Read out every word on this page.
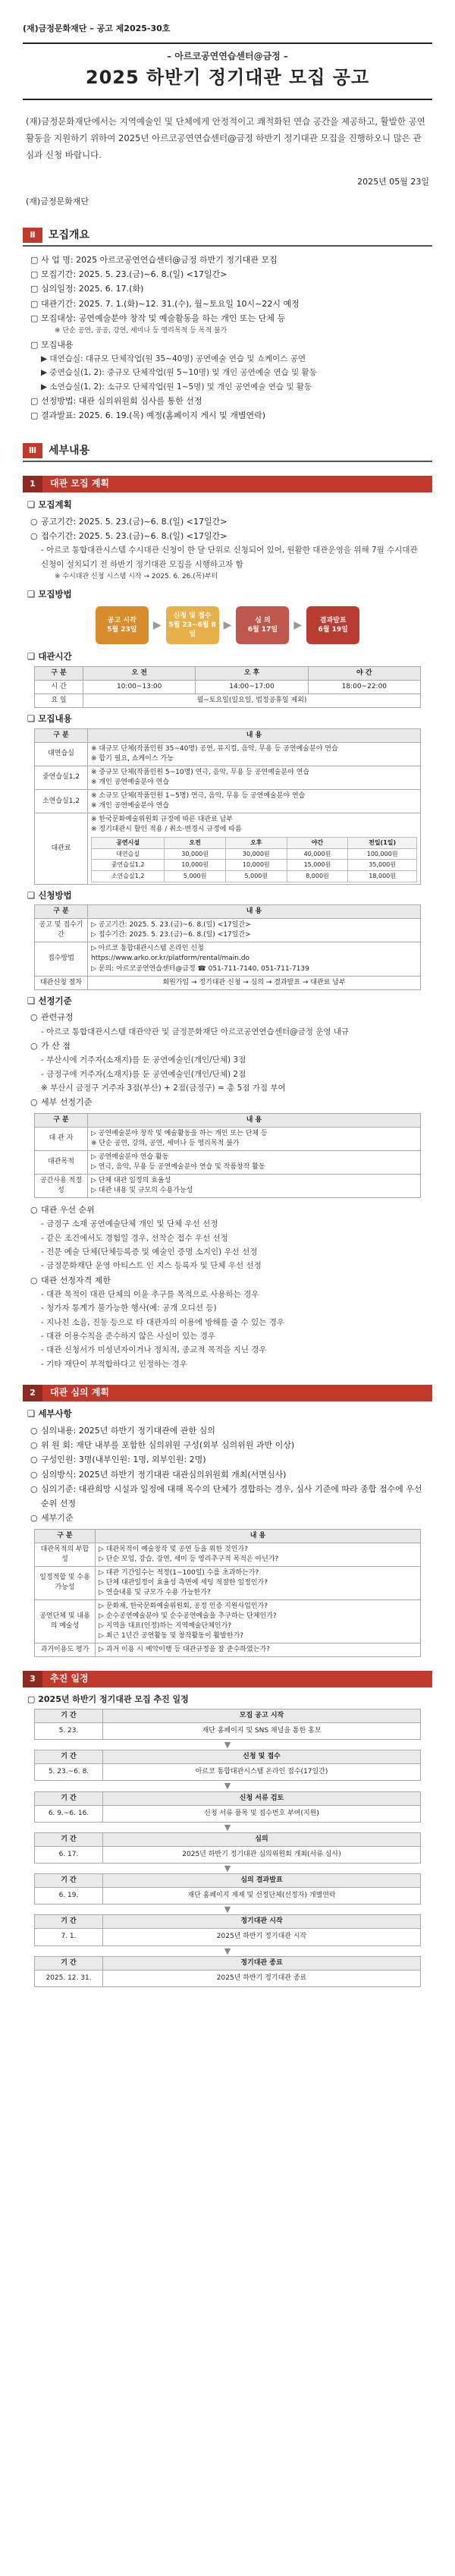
(재)금정문화재단 – 공고 제2025-30호
– 아르코공연연습센터@금정 –
2025 하반기 정기대관 모집 공고
(재)금정문화재단에서는 지역예술인 및 단체에게 안정적이고 쾌적화된 연습 공간을 제공하고, 활발한 공연 활동을 지원하기 위하여 2025년 아르코공연연습센터@금정 하반기 정기대관 모집을 진행하오니 많은 관심과 신청 바랍니다.
2025년 05월 23일
(재)금정문화재단
Ⅱ	모집개요
▢ 사 업 명: 2025 아르코공연연습센터@금정 하반기 정기대관 모집
▢ 모집기간: 2025. 5. 23.(금)~6. 8.(일) <17일간>
▢ 심의일정: 2025. 6. 17.(화)
▢ 대관기간: 2025. 7. 1.(화)~12. 31.(수), 월~토요일 10시~22시 예정
▢ 모집대상: 공연예술분야 창작 및 예술활동을 하는 개인 또는 단체 등
※ 단순 공연, 공공, 강연, 세미나 등 영리목적 등 목적 불가
▢ 모집내용
▶ 대연습실: 대규모 단체작업(원 35~40명) 공연예술 연습 및 쇼케이스 공연
▶ 중연습실(1, 2): 중규모 단체작업(원 5~10명) 및 개인 공연예술 연습 및 활동
▶ 소연습실(1, 2): 소규모 단체작업(원 1~5명) 및 개인 공연예술 연습 및 활동
▢ 선정방법: 대관 심의위원회 심사를 통한 선정
▢ 결과발표: 2025. 6. 19.(목) 예정(홈페이지 게시 및 개별연락)
Ⅲ	세부내용
1	대관 모집 계획
❑ 모집계획
○ 공고기간: 2025. 5. 23.(금)~6. 8.(일) <17일간>
○ 접수기간: 2025. 5. 23.(금)~6. 8.(일) <17일간>
- 아르코 통합대관시스템 수시대관 신청이 한 달 단위로 신청되어 있어, 원활한 대관운영을 위해 7월 수시대관 신청이 설치되기 전 하반기 정기대관 모집을 시행하고자 함
※ 수시대관 신청 시스템 시작 → 2025. 6. 26.(목)부터
❑ 모집방법
공고 시작
5월 23일 ▶
신청 및 접수
5월 23~6월 8일
▶	심 의
6월 17일 ▶	결과발표
6월 19일
❑ 대관시간
구 분	오 전	오 후	야 간
시 간	10:00~13:00	14:00~17:00	18:00~22:00
요 일	월~토요일(일요일, 법정공휴일 제외)		
❑ 모집내용
구 분	내 용
대연습실	※ 대규모 단체(작품인원 35~40명) 공연, 뮤지컬, 음악, 무용 등 공연예술분야 연습
※ 합기 필요, 쇼케이스 가능
중연습실1,2	※ 중규모 단체(작품인원 5~10명) 연극, 음악, 무용 등 공연예술분야 연습
※ 개인 공연예술분야 연습
소연습실1,2	※ 소규모 단체(작품인원 1~5명) 연극, 음악, 무용 등 공연예술분야 연습
※ 개인 공연예술분야 연습
대관료	
※ 한국문화예술위원회 규정에 따른 대관료 납부
※ 정기대관시 할인 적용 / 취소·변경시 규정에 따름
공연시설	오전	오후	야간	전일(1일)
대연습실	30,000원	30,000원	40,000원	100,000원
중연습실1,2	10,000원	10,000원	15,000원	35,000원
소연습실1,2	5,000원	5,000원	8,000원	18,000원
❑ 신청방법
구 분	내 용
공고 및 접수기간	▷ 공고기간: 2025. 5. 23.(금)~6. 8.(일) <17일간>
▷ 접수기간: 2025. 5. 23.(금)~6. 8.(일) <17일간>
접수방법	▷ 아르코 통합대관시스템 온라인 신청
https://www.arko.or.kr/platform/rental/main.do
▷ 문의: 아르코공연연습센터@금정 ☎ 051-711-7140, 051-711-7139
대관신청 절차	회원가입 → 정기대관 신청 → 심의 → 결과발표 → 대관료 납부
❑ 선정기준
○ 관련규정
- 아르코 통합대관시스템 대관약관 및 금정문화재단 아르코공연연습센터@금정 운영 내규
○ 가 산 점
- 부산시에 거주자(소재지)를 둔 공연예술인(개인/단체) 3점
- 금정구에 거주자(소재지)를 둔 공연예술인(개인/단체) 2점
※ 부산시 금정구 거주자 3점(부산) + 2점(금정구) = 총 5점 가점 부여
○ 세부 선정기준
구 분	내 용
대 관 자	▷ 공연예술분야 창작 및 예술활동을 하는 개인 또는 단체 등
※ 단순 공연, 강의, 공연, 세미나 등 영리목적 불가
대관목적	▷ 공연예술분야 연습 활동
▷ 연극, 음악, 무용 등 공연예술분야 연습 및 작품창작 활동
공간사용 적정성	▷ 단체 대관 일정의 효율성
▷ 대관 내용 및 규모의 수용가능성
○ 대관 우선 순위
- 금정구 소재 공연예술단체 개인 및 단체 우선 선정
- 같은 조건에서도 경험일 경우, 선착순 접수 우선 선정
- 전문 예술 단체(단체등록증 및 예술인 증명 소지인) 우선 선정
- 금정문화재단 운영 아티스트 인 지스 등록자 및 단체 우선 선정
○ 대관 선정자격 제한
- 대관 목적이 대관 단체의 이윤 추구를 목적으로 사용하는 경우
- 청가자 통계가 불가능한 행사(예: 공개 오디션 등)
- 지나친 소음, 진동 등으로 타 대관자의 이용에 방해를 줄 수 있는 경우
- 대관 이용수칙을 준수하지 않은 사실이 있는 경우
- 대관 신청서가 미성년자이거나 정치적, 종교적 목적을 지닌 경우
- 기타 재단이 부적합하다고 인정하는 경우
2	대관 심의 계획
❑ 세부사항
○ 심의내용: 2025년 하반기 정기대관에 관한 심의
○ 위 원 회: 재단 내부를 포함한 심의위원 구성(외부 심의위원 과반 이상)
○ 구성인원: 3명(내부인원: 1명, 외부인원: 2명)
○ 심의방식: 2025년 하반기 정기대관 대관심의위원회 개최(서면심사)
○ 심의기준: 대관희망 시설과 일정에 대해 목수의 단체가 경합하는 경우, 심사 기준에 따라 종합 점수에 우선순위 선정
○ 세부기준
구 분	내 용
대관목적의 부합성	▷ 대관목적이 예술창작 및 공연 등을 위한 것인가?
▷ 단순 모임, 강습, 강연, 세미 등 영리추구적 목적은 아닌가?
일정적합 및 수용가능성	▷ 대관 기간일수는 적정(1~100일) 수를 초과하는가?
▷ 단체 대관일정이 효율성 측면에 세팅 적절한 일정인가?
▷ 연습내용 및 규모가 수용 가능한가?
공연단체 및 내용의 예술성	▷ 문화재, 한국문화예술위원회, 공정 인증 지원사업인가?
▷ 순수공연예술분야 및 순수공연예술을 추구하는 단체인가?
▷ 지역을 대표(인정)하는 지역예술단체인가?
▷ 최근 1년간 공연활동 및 창작활동이 활발한가?
과거이용도 평가	▷ 과거 이용 시 예약이행 등 대관규정을 잘 준수하였는가?
3	추진 일정
▢ 2025년 하반기 정기대관 모집 추진 일정
기 간	모집 공고 시작
5. 23.	재단 홈페이지 및 SNS 채널을 통한 홍보
▼
기 간	신청 및 접수
5. 23.~6. 8.	아르코 통합대관시스템 온라인 접수(17일간)
▼
기 간	신청 서류 검토
6. 9.~6. 16.	신청 서류 품목 및 접수번호 부여(지원)
▼
기 간	심의
6. 17.	2025년 하반기 정기대관 심의위원회 개최(서류 심사)
▼
기 간	심의 결과발표
6. 19.	재단 홈페이지 게재 및 선정단체(선정자) 개별연락
▼
기 간	정기대관 시작
7. 1.	2025년 하반기 정기대관 시작
▼
기 간	정기대관 종료
2025. 12. 31.	2025년 하반기 정기대관 종료
